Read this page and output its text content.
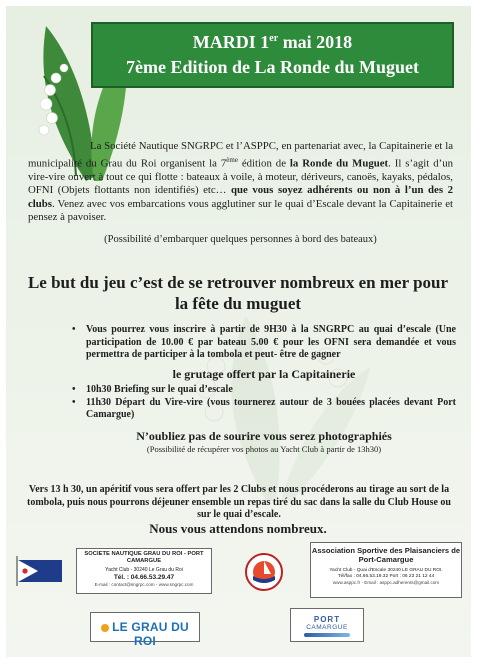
MARDI 1er mai 2018
7ème Edition de La Ronde du Muguet

La Société Nautique SNGRPC et l’ASPPC, en partenariat avec, la Capitainerie et la municipalité du Grau du Roi organisent la 7ème édition de la Ronde du Muguet. Il s’agit d’un vire-vire ouvert à tout ce qui flotte : bateaux à voile, à moteur, dériveurs, canoës, kayaks, pédalos, OFNI (Objets flottants non identifiés) etc… que vous soyez adhérents ou non à l’un des 2 clubs. Venez avec vos embarcations vous agglutiner sur le quai d’Escale devant la Capitainerie et pensez à pavoiser.

(Possibilité d’embarquer quelques personnes à bord des bateaux)
Le but du jeu c’est de se retrouver nombreux en mer pour la fête du muguet
• Vous pourrez vous inscrire à partir de 9H30 à la SNGRPC au quai d’escale (Une participation de 10.00 € par bateau 5.00 € pour les OFNI sera demandée et vous permettra de participer à la tombola et peut- être de gagner
le grutage offert par la Capitainerie
• 10h30 Briefing sur le quai d’escale
• 11h30 Départ du Vire-vire (vous tournerez autour de 3 bouées placées devant Port Camargue)
N’oubliez pas de sourire vous serez photographiés
(Possibilité de récupérer vos photos au Yacht Club à partir de 13h30)
Vers 13 h 30, un apéritif vous sera offert par les 2 Clubs et nous procéderons au tirage au sort de la tombola, puis nous pourrons déjeuner ensemble un repas tiré du sac dans la salle du Club House ou sur le quai d’escale.
Nous vous attendons nombreux.
SOCIETE NAUTIQUE GRAU DU ROI - PORT CAMARGUE
Yacht Club - 30240 Le Grau du Roi
Tél. : 04.66.53.29.47
E-mail : contact@sngrpc.com - www.sngrpc.com
Association Sportive des Plaisanciers de Port-Camargue
Yacht Club - Quai d'Escale 30240 LE GRAU DU ROI.
Tél/fax : 04.66.53.19.32 Port : 06 23 21 12 44
www.asppc.fr - Email : asppc.adherents@gmail.com
LE GRAU DU ROI
PORT
CAMARGUE
